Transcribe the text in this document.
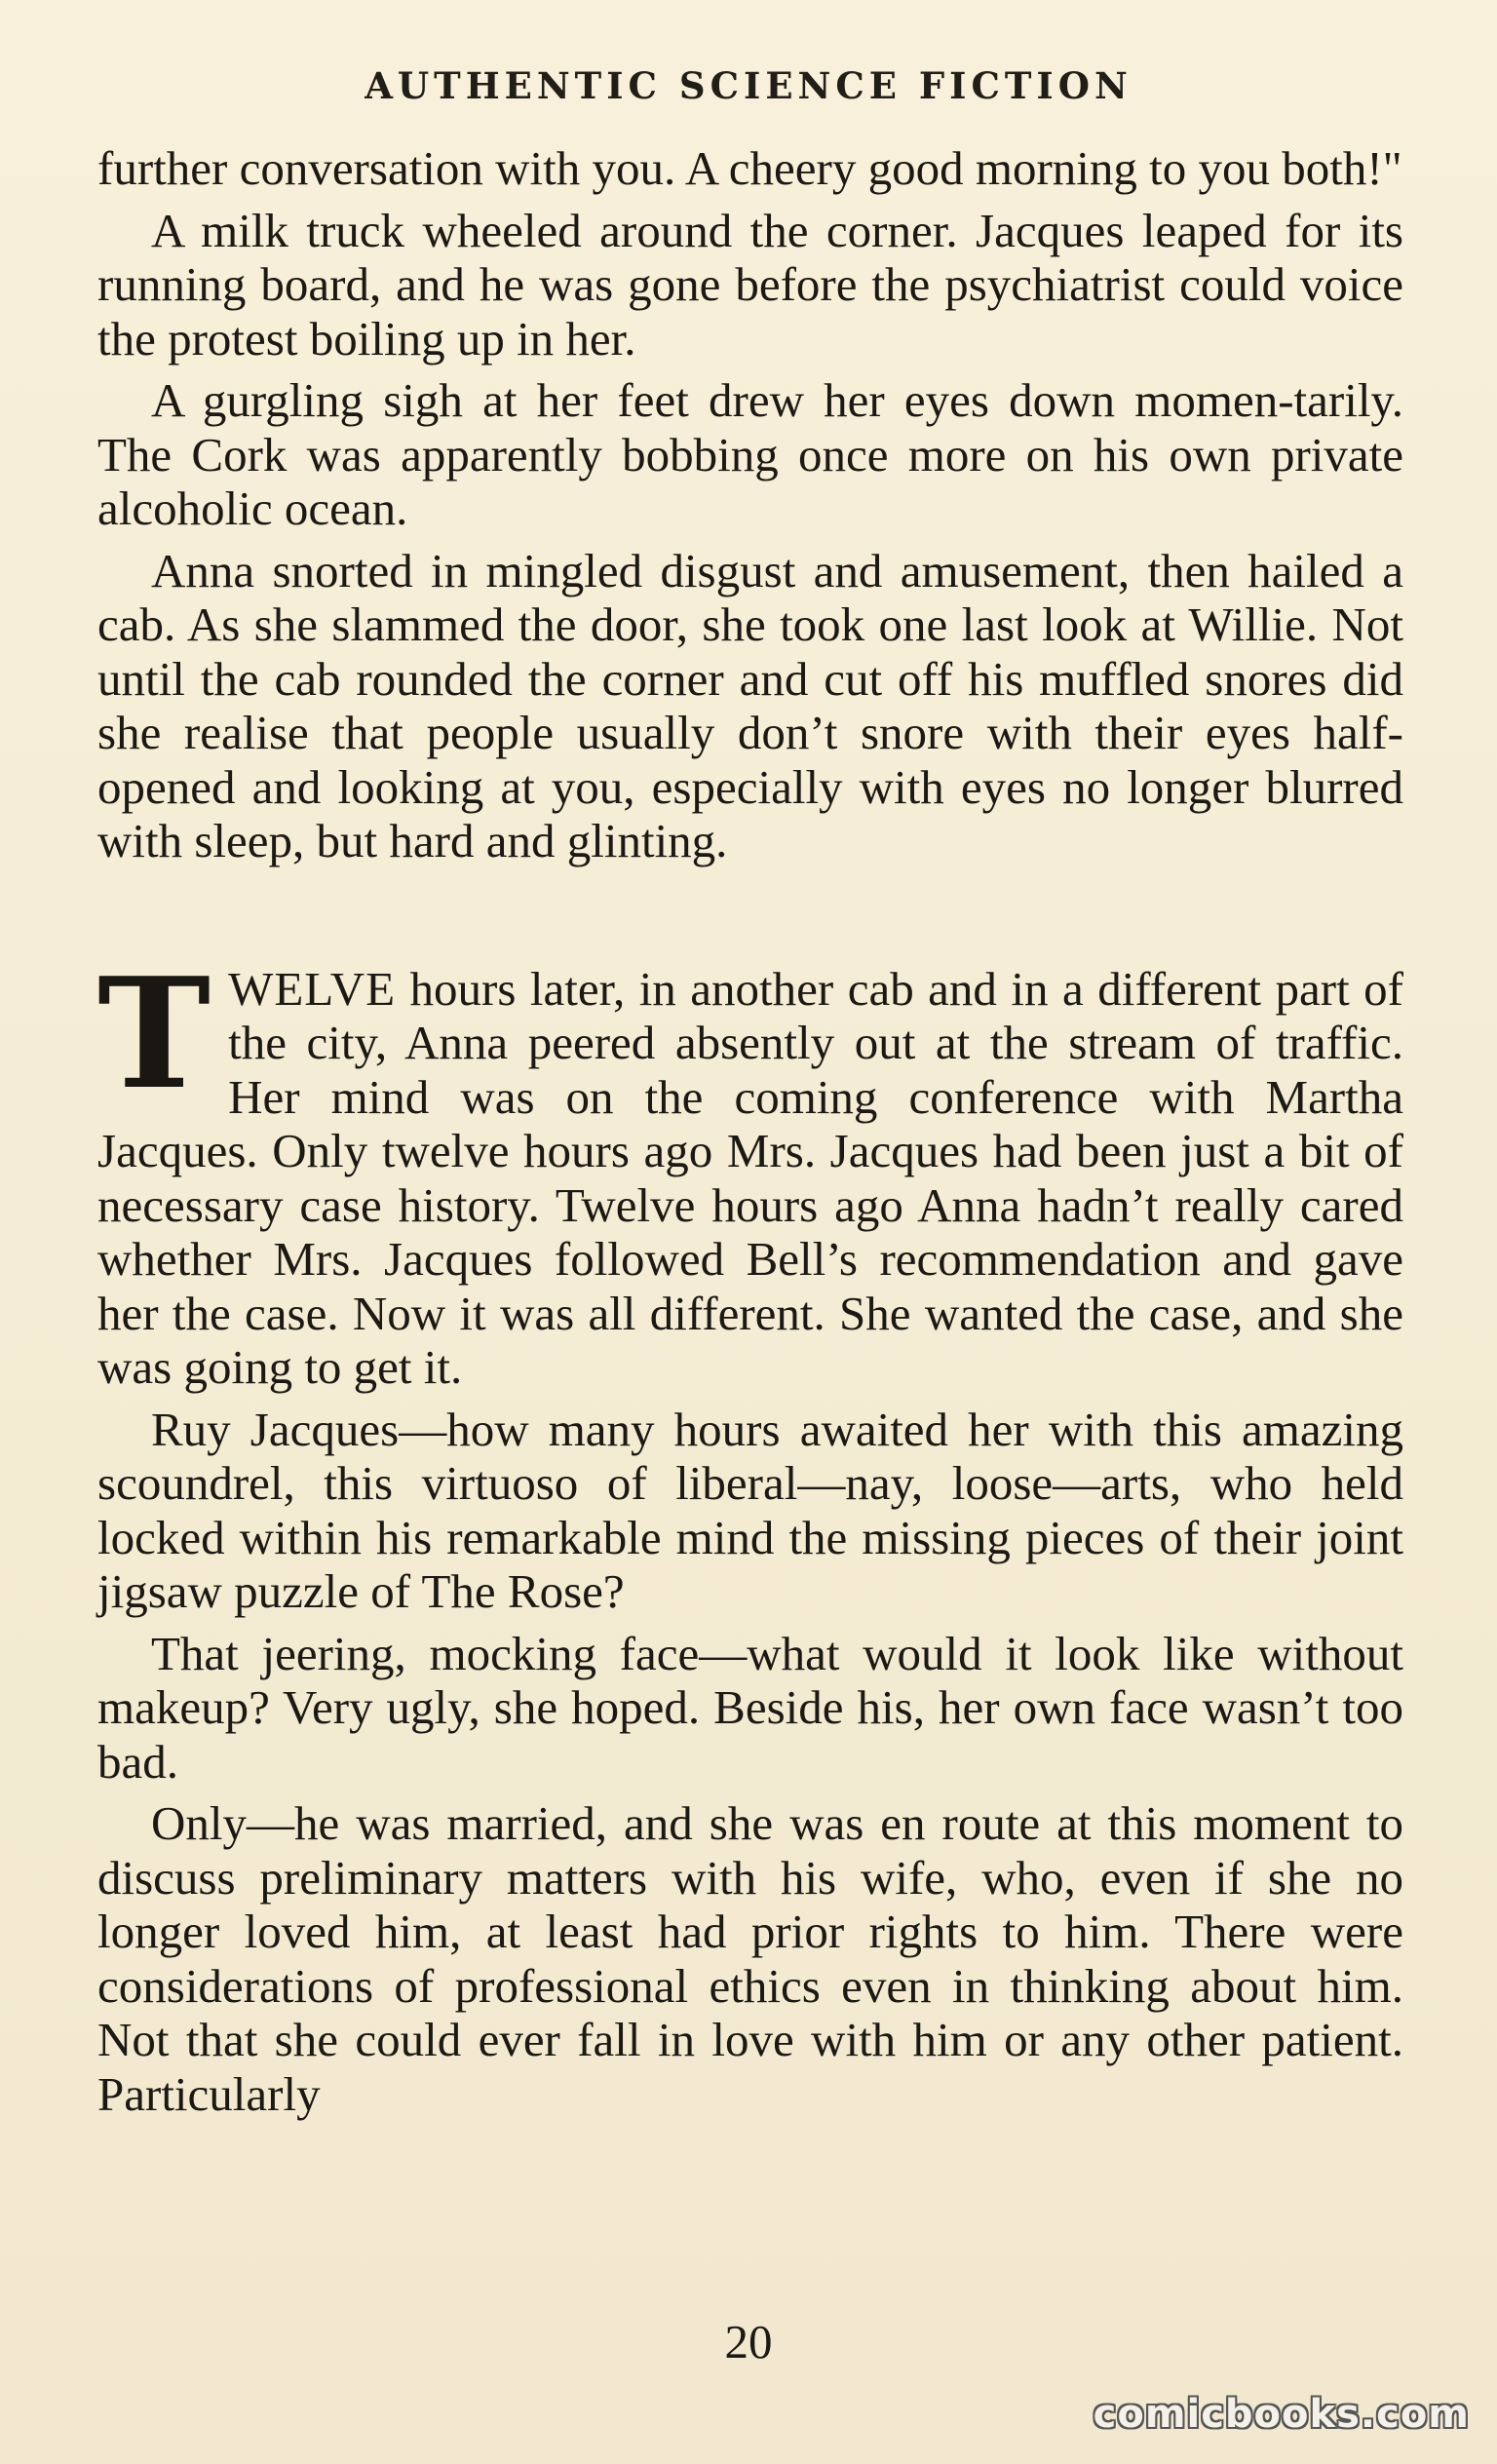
AUTHENTIC SCIENCE FICTION

further conversation with you. A cheery good morning to you both!"

A milk truck wheeled around the corner. Jacques leaped for its running board, and he was gone before the psychiatrist could voice the protest boiling up in her.

A gurgling sigh at her feet drew her eyes down momen-tarily. The Cork was apparently bobbing once more on his own private alcoholic ocean.

Anna snorted in mingled disgust and amusement, then hailed a cab. As she slammed the door, she took one last look at Willie. Not until the cab rounded the corner and cut off his muffled snores did she realise that people usually don’t snore with their eyes half-opened and looking at you, especially with eyes no longer blurred with sleep, but hard and glinting.

TWELVE hours later, in another cab and in a different part of the city, Anna peered absently out at the stream of traffic. Her mind was on the coming conference with Martha Jacques. Only twelve hours ago Mrs. Jacques had been just a bit of necessary case history. Twelve hours ago Anna hadn’t really cared whether Mrs. Jacques followed Bell’s recommendation and gave her the case. Now it was all different. She wanted the case, and she was going to get it.

Ruy Jacques—how many hours awaited her with this amazing scoundrel, this virtuoso of liberal—nay, loose—arts, who held locked within his remarkable mind the missing pieces of their joint jigsaw puzzle of The Rose?

That jeering, mocking face—what would it look like without makeup? Very ugly, she hoped. Beside his, her own face wasn’t too bad.

Only—he was married, and she was en route at this moment to discuss preliminary matters with his wife, who, even if she no longer loved him, at least had prior rights to him. There were considerations of professional ethics even in thinking about him. Not that she could ever fall in love with him or any other patient. Particularly

20
comicbooks.com
